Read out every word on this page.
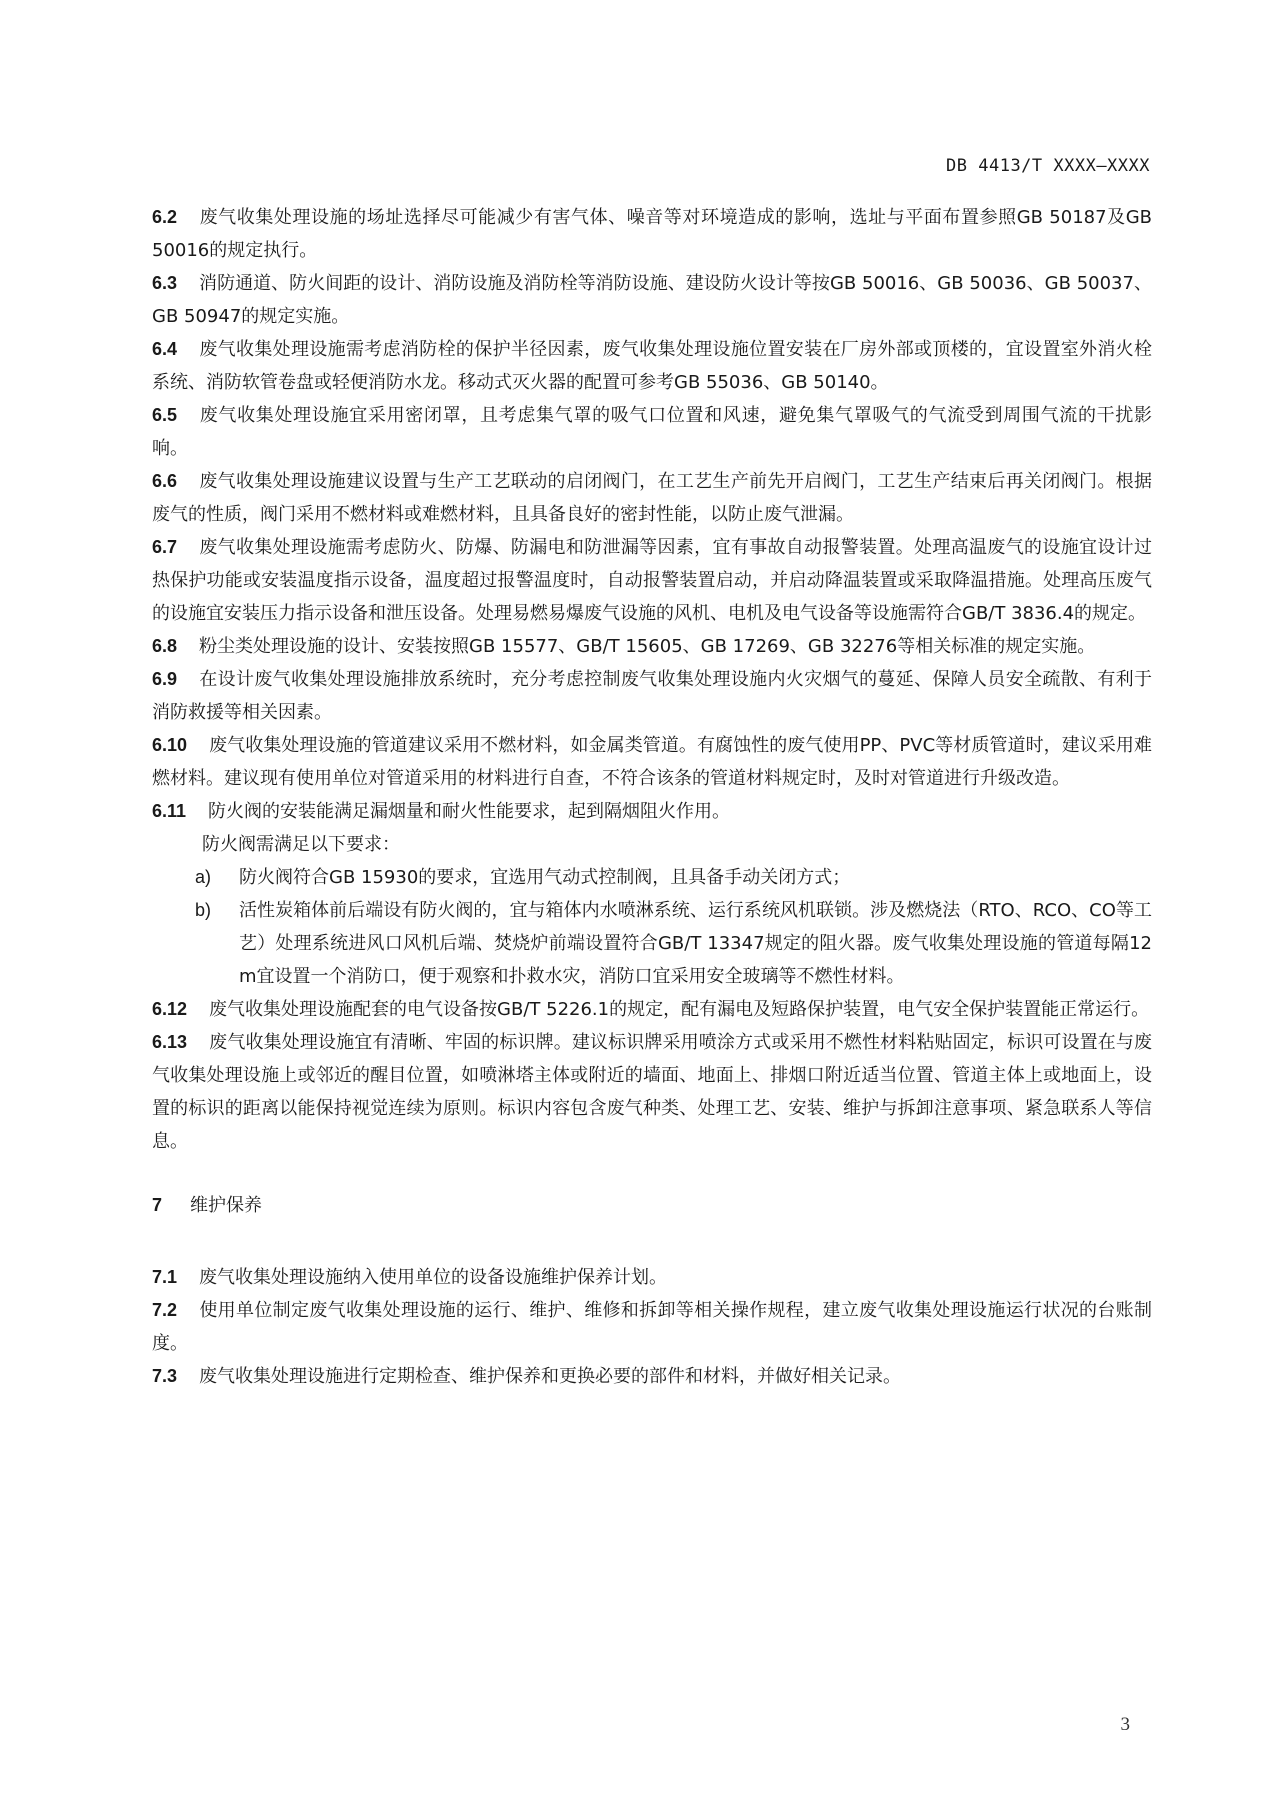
DB 4413/T XXXX—XXXX

6.2 废气收集处理设施的场址选择尽可能减少有害气体、噪音等对环境造成的影响，选址与平面布置参照GB 50187及GB 50016的规定执行。

6.3 消防通道、防火间距的设计、消防设施及消防栓等消防设施、建设防火设计等按GB 50016、GB 50036、GB 50037、GB 50947的规定实施。

6.4 废气收集处理设施需考虑消防栓的保护半径因素，废气收集处理设施位置安装在厂房外部或顶楼的，宜设置室外消火栓系统、消防软管卷盘或轻便消防水龙。移动式灭火器的配置可参考GB 55036、GB 50140。

6.5 废气收集处理设施宜采用密闭罩，且考虑集气罩的吸气口位置和风速，避免集气罩吸气的气流受到周围气流的干扰影响。

6.6 废气收集处理设施建议设置与生产工艺联动的启闭阀门，在工艺生产前先开启阀门，工艺生产结束后再关闭阀门。根据废气的性质，阀门采用不燃材料或难燃材料，且具备良好的密封性能，以防止废气泄漏。

6.7 废气收集处理设施需考虑防火、防爆、防漏电和防泄漏等因素，宜有事故自动报警装置。处理高温废气的设施宜设计过热保护功能或安装温度指示设备，温度超过报警温度时，自动报警装置启动，并启动降温装置或采取降温措施。处理高压废气的设施宜安装压力指示设备和泄压设备。处理易燃易爆废气设施的风机、电机及电气设备等设施需符合GB/T 3836.4的规定。

6.8 粉尘类处理设施的设计、安装按照GB 15577、GB/T 15605、GB 17269、GB 32276等相关标准的规定实施。

6.9 在设计废气收集处理设施排放系统时，充分考虑控制废气收集处理设施内火灾烟气的蔓延、保障人员安全疏散、有利于消防救援等相关因素。

6.10 废气收集处理设施的管道建议采用不燃材料，如金属类管道。有腐蚀性的废气使用PP、PVC等材质管道时，建议采用难燃材料。建议现有使用单位对管道采用的材料进行自查，不符合该条的管道材料规定时，及时对管道进行升级改造。

6.11 防火阀的安装能满足漏烟量和耐火性能要求，起到隔烟阻火作用。

防火阀需满足以下要求：

a)	防火阀符合GB 15930的要求，宜选用气动式控制阀，且具备手动关闭方式；
b)	活性炭箱体前后端设有防火阀的，宜与箱体内水喷淋系统、运行系统风机联锁。涉及燃烧法（RTO、RCO、CO等工艺）处理系统进风口风机后端、焚烧炉前端设置符合GB/T 13347规定的阻火器。废气收集处理设施的管道每隔12 m宜设置一个消防口，便于观察和扑救水灾，消防口宜采用安全玻璃等不燃性材料。

6.12 废气收集处理设施配套的电气设备按GB/T 5226.1的规定，配有漏电及短路保护装置，电气安全保护装置能正常运行。

6.13 废气收集处理设施宜有清晰、牢固的标识牌。建议标识牌采用喷涂方式或采用不燃性材料粘贴固定，标识可设置在与废气收集处理设施上或邻近的醒目位置，如喷淋塔主体或附近的墙面、地面上、排烟口附近适当位置、管道主体上或地面上，设置的标识的距离以能保持视觉连续为原则。标识内容包含废气种类、处理工艺、安装、维护与拆卸注意事项、紧急联系人等信息。

7 维护保养

7.1 废气收集处理设施纳入使用单位的设备设施维护保养计划。

7.2 使用单位制定废气收集处理设施的运行、维护、维修和拆卸等相关操作规程，建立废气收集处理设施运行状况的台账制度。

7.3 废气收集处理设施进行定期检查、维护保养和更换必要的部件和材料，并做好相关记录。

3
